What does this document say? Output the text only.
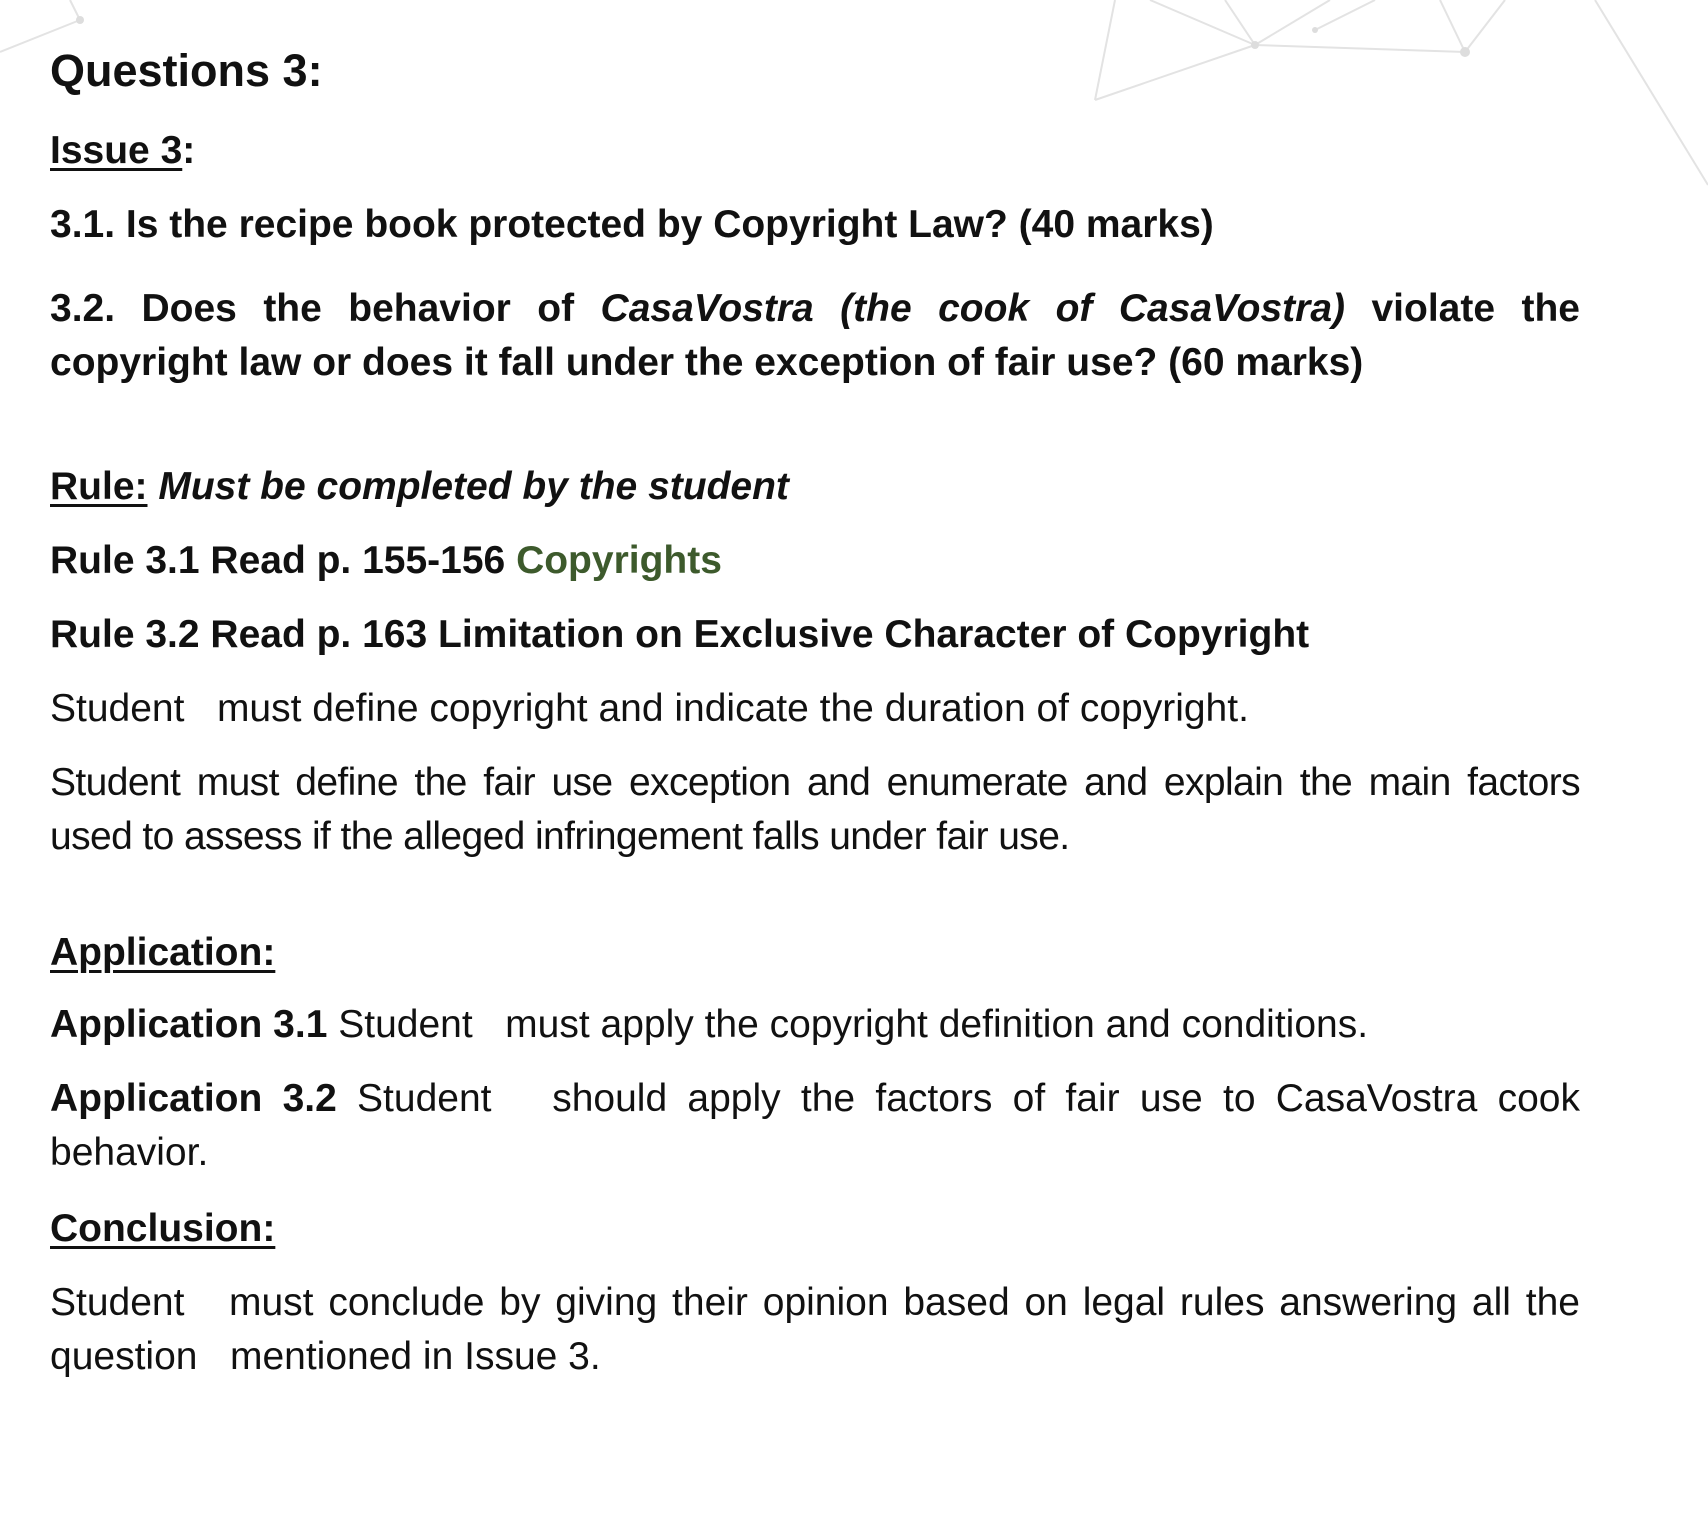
Questions 3:
Issue 3:
3.1. Is the recipe book protected by Copyright Law? (40 marks)
3.2. Does the behavior of CasaVostra (the cook of CasaVostra) violate the copyright law or does it fall under the exception of fair use? (60 marks)
Rule: Must be completed by the student
Rule 3.1 Read p. 155-156 Copyrights
Rule 3.2 Read p. 163 Limitation on Exclusive Character of Copyright
Student   must define copyright and indicate the duration of copyright.
Student must define the fair use exception and enumerate and explain the main factors used to assess if the alleged infringement falls under fair use.
Application:
Application 3.1 Student   must apply the copyright definition and conditions.
Application 3.2 Student   should apply the factors of fair use to CasaVostra cook behavior.
Conclusion:
Student   must conclude by giving their opinion based on legal rules answering all the question   mentioned in Issue 3.
